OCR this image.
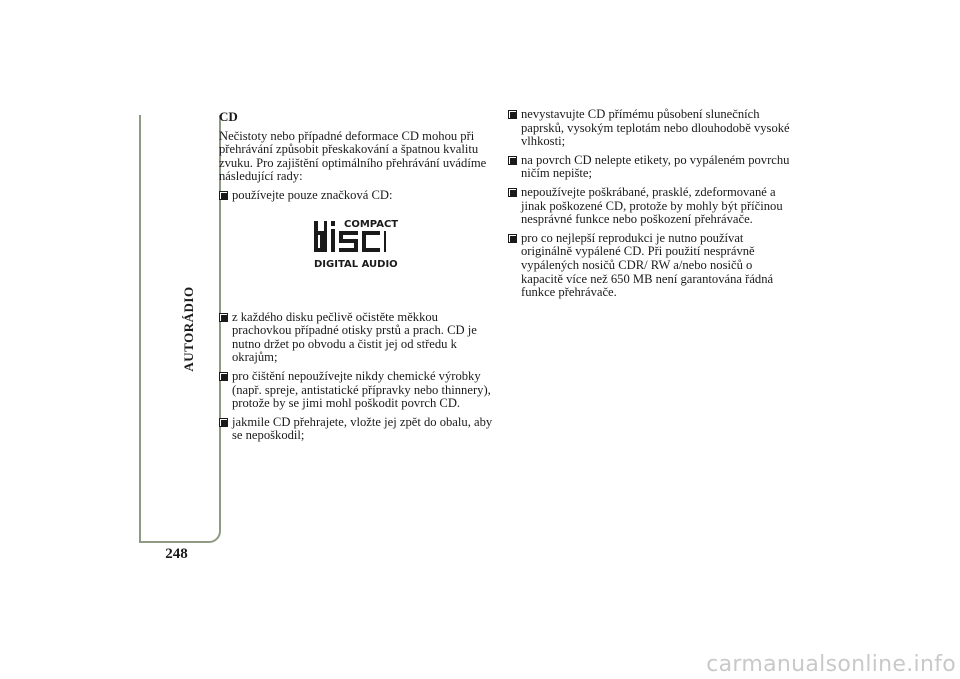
AUTORÁDIO
248
CD

Nečistoty nebo případné deformace CD mohou při přehrávání způsobit přeskakování a špatnou kvalitu zvuku. Pro zajištění optimálního přehrávání uvádíme následující rady:

používejte pouze značková CD:
COMPACT
DIGITAL AUDIO
z každého disku pečlivě očistěte měkkou prachovkou případné otisky prstů a prach. CD je nutno držet po obvodu a čistit jej od středu k okrajům;
pro čištění nepoužívejte nikdy chemické výrobky (např. spreje, antistatické přípravky nebo thinnery), protože by se jimi mohl poškodit povrch CD.
jakmile CD přehrajete, vložte jej zpět do obalu, aby se nepoškodil;
nevystavujte CD přímému působení slunečních paprsků, vysokým teplotám nebo dlouhodobě vysoké vlhkosti;
na povrch CD nelepte etikety, po vypáleném povrchu ničím nepište;
nepoužívejte poškrábané, prasklé, zdeformované a jinak poškozené CD, protože by mohly být příčinou nesprávné funkce nebo poškození přehrávače.
pro co nejlepší reprodukci je nutno používat originálně vypálené CD. Při použití nesprávně vypálených nosičů CDR/ RW a/nebo nosičů o kapacitě více než 650 MB není garantována řádná funkce přehrávače.
carmanualsonline.info
